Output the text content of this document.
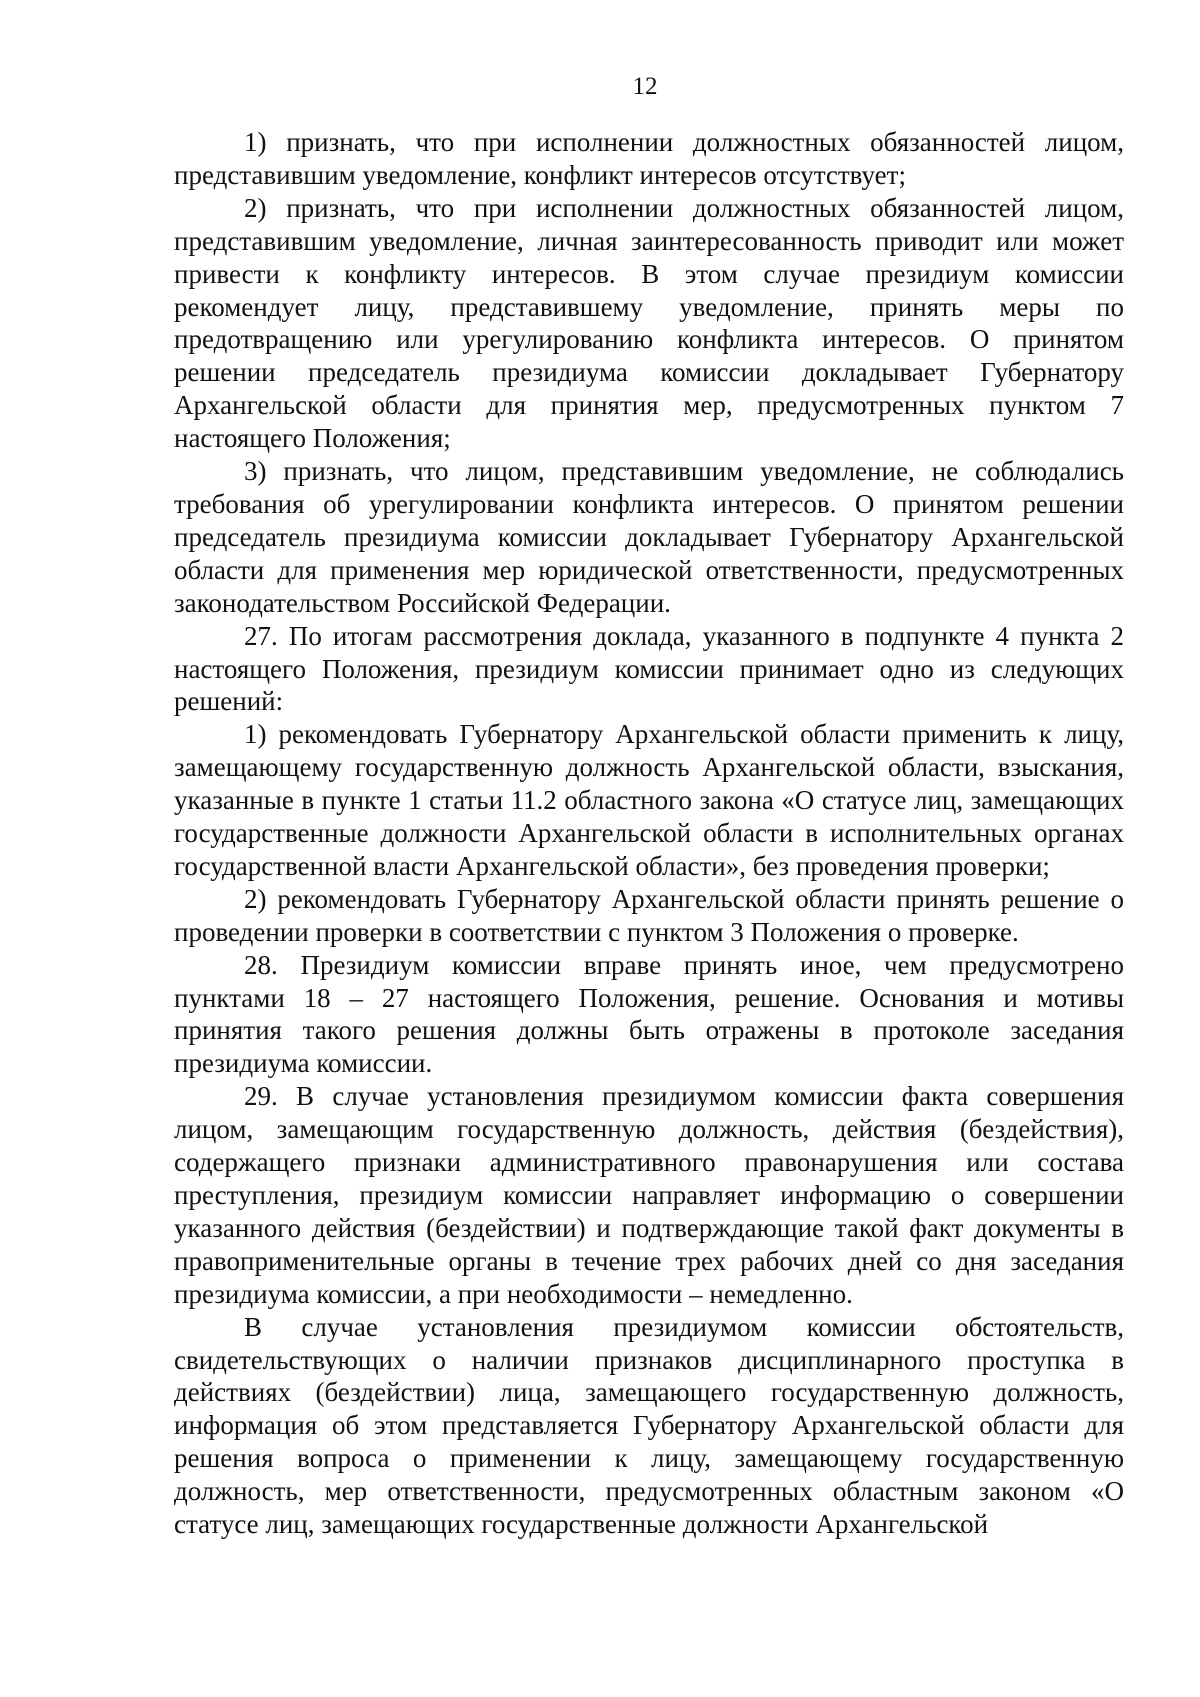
12

1) признать, что при исполнении должностных обязанностей лицом, представившим уведомление, конфликт интересов отсутствует;

2) признать, что при исполнении должностных обязанностей лицом, представившим уведомление, личная заинтересованность приводит или может привести к конфликту интересов. В этом случае президиум комиссии рекомендует лицу, представившему уведомление, принять меры по предотвращению или урегулированию конфликта интересов. О принятом решении председатель президиума комиссии докладывает Губернатору Архангельской области для принятия мер, предусмотренных пунктом 7 настоящего Положения;

3) признать, что лицом, представившим уведомление, не соблюдались требования об урегулировании конфликта интересов. О принятом решении председатель президиума комиссии докладывает Губернатору Архангельской области для применения мер юридической ответственности, предусмотренных законодательством Российской Федерации.

27. По итогам рассмотрения доклада, указанного в подпункте 4 пункта 2 настоящего Положения, президиум комиссии принимает одно из следующих решений:

1) рекомендовать Губернатору Архангельской области применить к лицу, замещающему государственную должность Архангельской области, взыскания, указанные в пункте 1 статьи 11.2 областного закона «О статусе лиц, замещающих государственные должности Архангельской области в исполнительных органах государственной власти Архангельской области», без проведения проверки;

2) рекомендовать Губернатору Архангельской области принять решение о проведении проверки в соответствии с пунктом 3 Положения о проверке.

28. Президиум комиссии вправе принять иное, чем предусмотрено пунктами 18 – 27 настоящего Положения, решение. Основания и мотивы принятия такого решения должны быть отражены в протоколе заседания президиума комиссии.

29. В случае установления президиумом комиссии факта совершения лицом, замещающим государственную должность, действия (бездействия), содержащего признаки административного правонарушения или состава преступления, президиум комиссии направляет информацию о совершении указанного действия (бездействии) и подтверждающие такой факт документы в правоприменительные органы в течение трех рабочих дней со дня заседания президиума комиссии, а при необходимости – немедленно.

В случае установления президиумом комиссии обстоятельств, свидетельствующих о наличии признаков дисциплинарного проступка в действиях (бездействии) лица, замещающего государственную должность, информация об этом представляется Губернатору Архангельской области для решения вопроса о применении к лицу, замещающему государственную должность, мер ответственности, предусмотренных областным законом «О статусе лиц, замещающих государственные должности Архангельской
